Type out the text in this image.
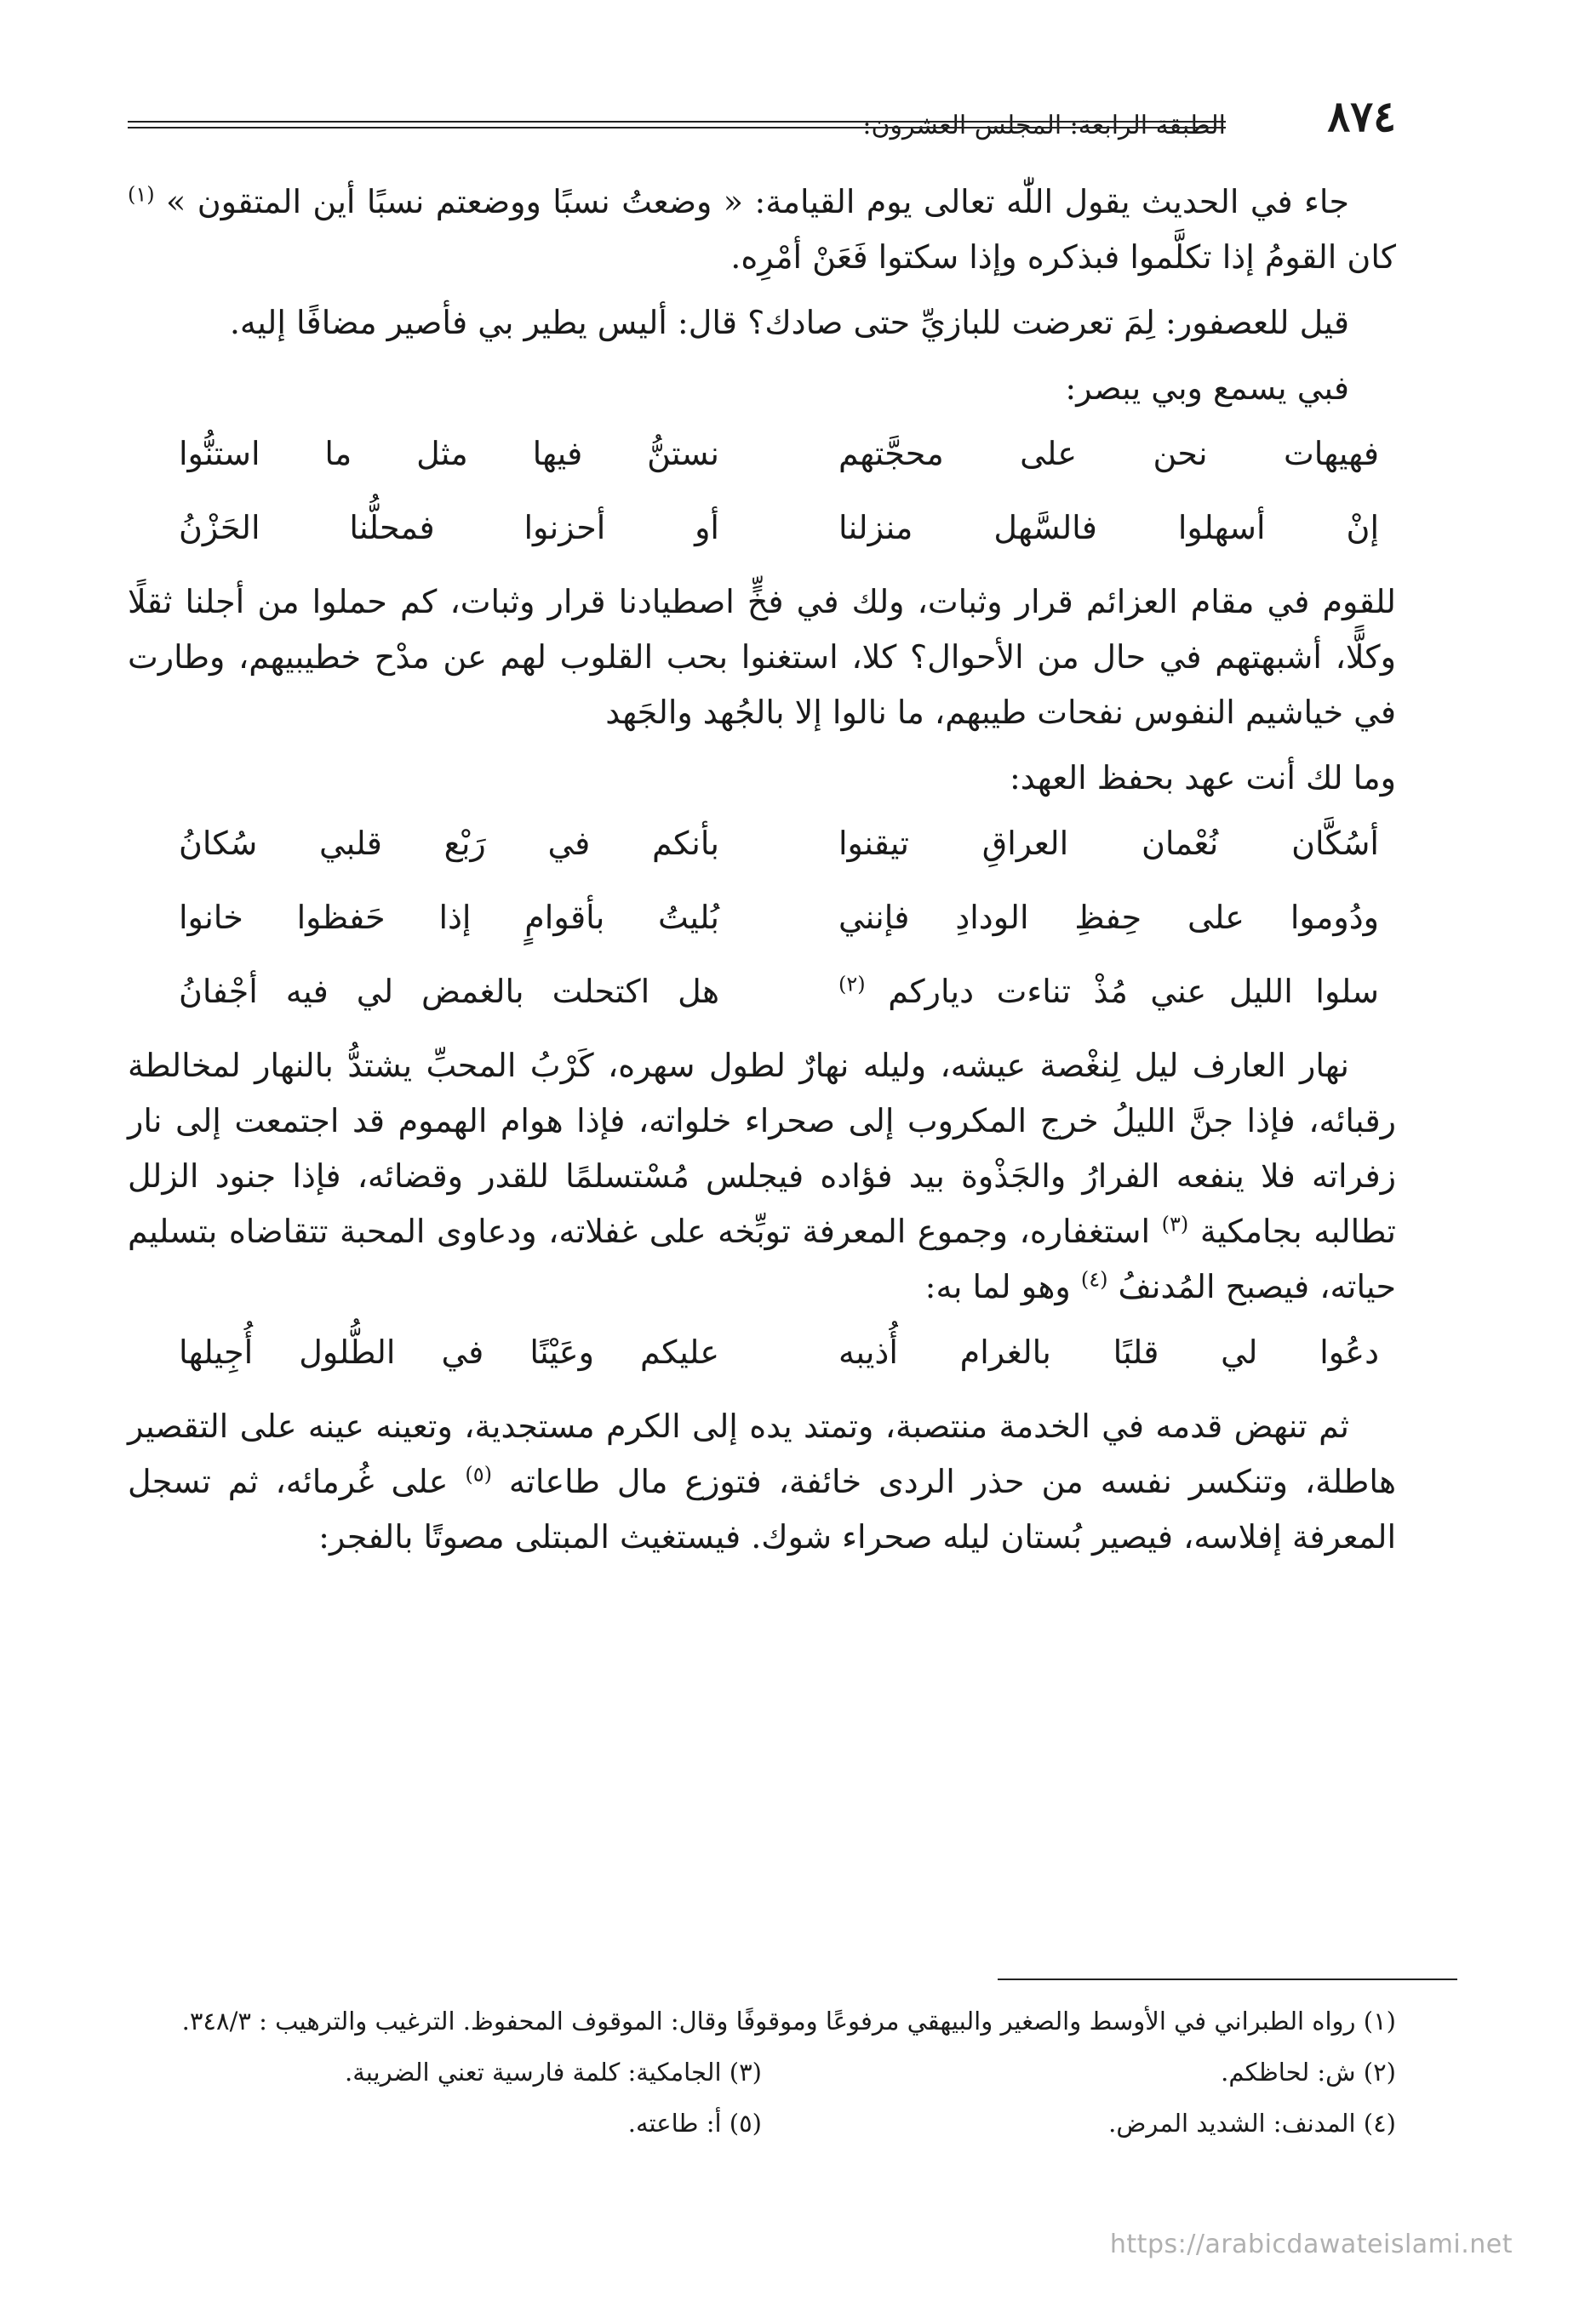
٨٧٤
الطبقة الرابعة: المجلس العشرون:

جاء في الحديث يقول اللّٰه تعالى يوم القيامة: « وضعتُ نسبًا ووضعتم نسبًا أين المتقون » $^{(١)}$ كان القومُ إذا تكلَّموا فبذكره وإذا سكتوا فَعَنْ أمْرِه.

قيل للعصفور: لِمَ تعرضت للبازيِّ حتى صادك؟ قال: أليس يطير بي فأصير مضافًا إليه.

فبي يسمع وبي يبصر:

فهيهات نحن على محجَّتهم
نستنُّ فيها مثل ما استنُّوا
إنْ أسهلوا فالسَّهل منزلنا
أو أحزنوا فمحلُّنا الحَزْنُ

للقوم في مقام العزائم قرار وثبات، ولك في فخٍّ اصطيادنا قرار وثبات، كم حملوا من أجلنا ثقلًا وكلًّا، أشبهتهم في حال من الأحوال؟ كلا، استغنوا بحب القلوب لهم عن مدْح خطيبيهم، وطارت في خياشيم النفوس نفحات طيبهم، ما نالوا إلا بالجُهد والجَهد

وما لك أنت عهد بحفظ العهد:

أسُكَّان نُعْمان العراقِ تيقنوا
بأنكم في رَبْع قلبي سُكانُ
ودُوموا على حِفظِ الودادِ فإنني
بُليتُ بأقوامٍ إذا حَفظوا خانوا
سلوا الليل عني مُذْ تناءت دياركم $^{(٢)}$
هل اكتحلت بالغمض لي فيه أجْفانُ

نهار العارف ليل لِنغْصة عيشه، وليله نهارٌ لطول سهره، كَرْبُ المحبِّ يشتدُّ بالنهار لمخالطة رقبائه، فإذا جنَّ الليلُ خرج المكروب إلى صحراء خلواته، فإذا هوام الهموم قد اجتمعت إلى نار زفراته فلا ينفعه الفرارُ والجَذْوة بيد فؤاده فيجلس مُسْتسلمًا للقدر وقضائه، فإذا جنود الزلل تطالبه بجامكية $^{(٣)}$ استغفاره، وجموع المعرفة توبِّخه على غفلاته، ودعاوى المحبة تتقاضاه بتسليم حياته، فيصبح المُدنفُ $^{(٤)}$ وهو لما به:

دعُوا لي قلبًا بالغرام أُذيبه
عليكم وعَيْنًا في الطُّلول أُجِيلها

ثم تنهض قدمه في الخدمة منتصبة، وتمتد يده إلى الكرم مستجدية، وتعينه عينه على التقصير هاطلة، وتنكسر نفسه من حذر الردى خائفة، فتوزع مال طاعاته $^{(٥)}$ على غُرمائه، ثم تسجل المعرفة إفلاسه، فيصير بُستان ليله صحراء شوك. فيستغيث المبتلى مصوتًا بالفجر:

(١) رواه الطبراني في الأوسط والصغير والبيهقي مرفوعًا وموقوفًا وقال: الموقوف المحفوظ. الترغيب والترهيب : ٣٤٨/٣.
(٢) ش: لحاظكم.
(٣) الجامكية: كلمة فارسية تعني الضريبة.
(٤) المدنف: الشديد المرض.
(٥) أ: طاعته.
https://arabicdawateislami.net
